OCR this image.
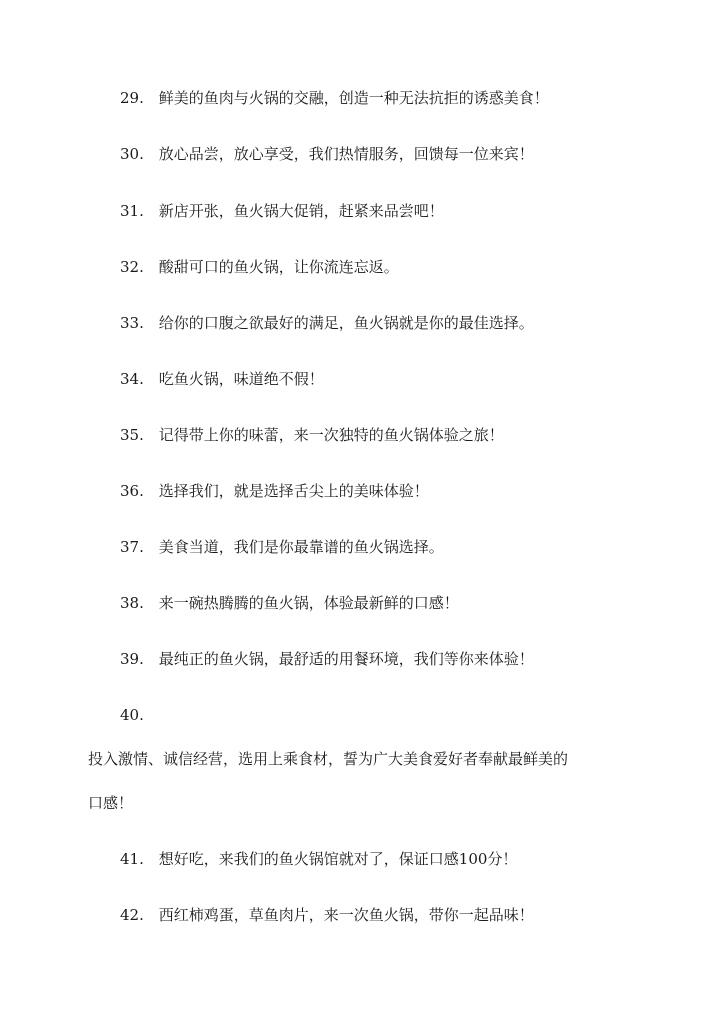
29. 鲜美的鱼肉与火锅的交融，创造一种无法抗拒的诱惑美食！
30. 放心品尝，放心享受，我们热情服务，回馈每一位来宾！
31. 新店开张，鱼火锅大促销，赶紧来品尝吧！
32. 酸甜可口的鱼火锅，让你流连忘返。
33. 给你的口腹之欲最好的满足，鱼火锅就是你的最佳选择。
34. 吃鱼火锅，味道绝不假！
35. 记得带上你的味蕾，来一次独特的鱼火锅体验之旅！
36. 选择我们，就是选择舌尖上的美味体验！
37. 美食当道，我们是你最靠谱的鱼火锅选择。
38. 来一碗热腾腾的鱼火锅，体验最新鲜的口感！
39. 最纯正的鱼火锅，最舒适的用餐环境，我们等你来体验！
40.
投入激情、诚信经营，选用上乘食材，誓为广大美食爱好者奉献最鲜美的
口感！
41. 想好吃，来我们的鱼火锅馆就对了，保证口感100分！
42. 西红柿鸡蛋，草鱼肉片，来一次鱼火锅，带你一起品味！
